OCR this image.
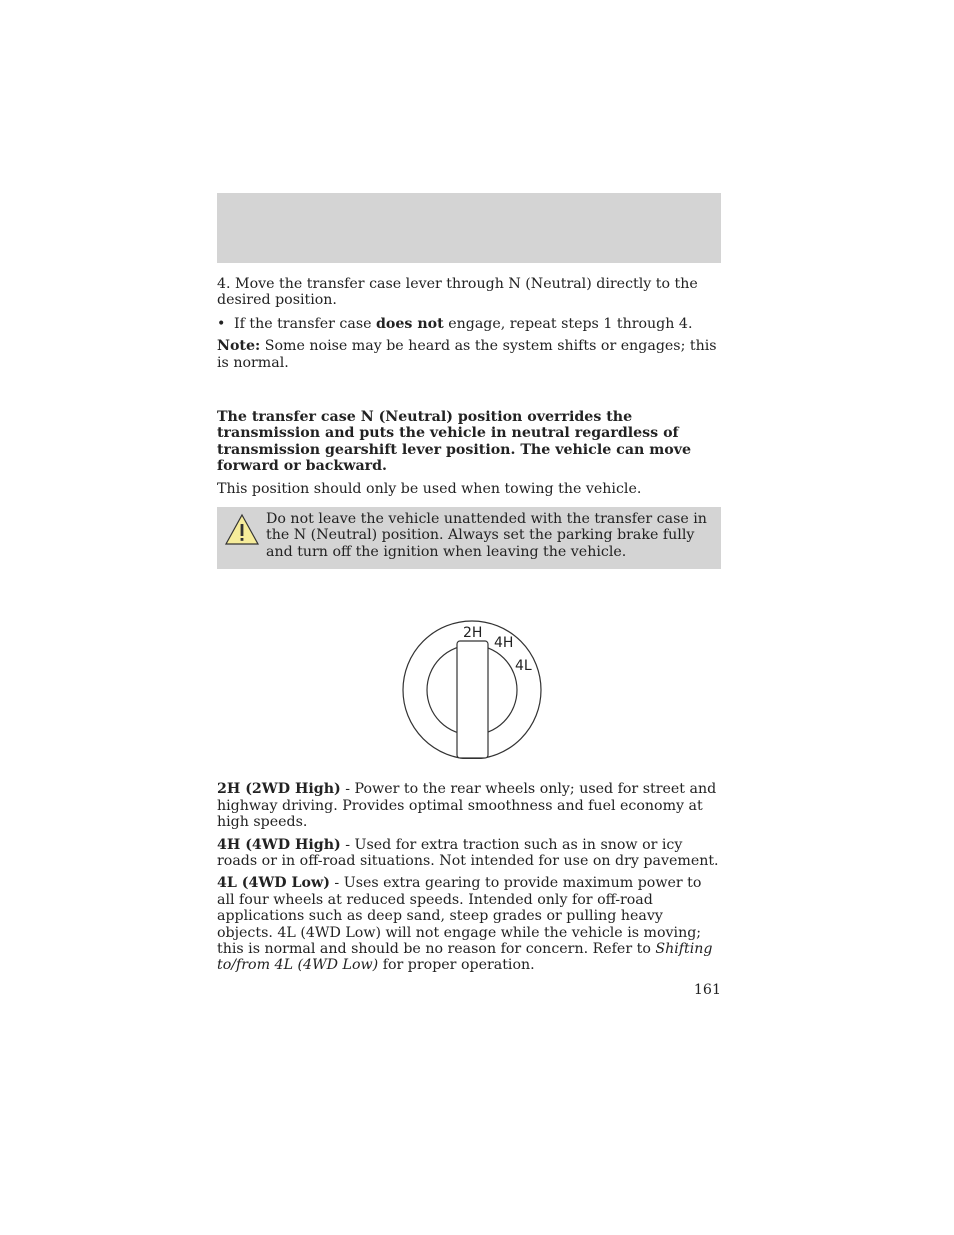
4. Move the transfer case lever through N (Neutral) directly to the desired position.

• If the transfer case does not engage, repeat steps 1 through 4.

Note: Some noise may be heard as the system shifts or engages; this is normal.

The transfer case N (Neutral) position overrides the transmission and puts the vehicle in neutral regardless of transmission gearshift lever position. The vehicle can move forward or backward.

This position should only be used when towing the vehicle.

Do not leave the vehicle unattended with the transfer case in the N (Neutral) position. Always set the parking brake fully and turn off the ignition when leaving the vehicle.
2H
4H
4L

2H (2WD High) - Power to the rear wheels only; used for street and highway driving. Provides optimal smoothness and fuel economy at high speeds.

4H (4WD High) - Used for extra traction such as in snow or icy roads or in off-road situations. Not intended for use on dry pavement.

4L (4WD Low) - Uses extra gearing to provide maximum power to all four wheels at reduced speeds. Intended only for off-road applications such as deep sand, steep grades or pulling heavy objects. 4L (4WD Low) will not engage while the vehicle is moving; this is normal and should be no reason for concern. Refer to Shifting to/from 4L (4WD Low) for proper operation.

161
